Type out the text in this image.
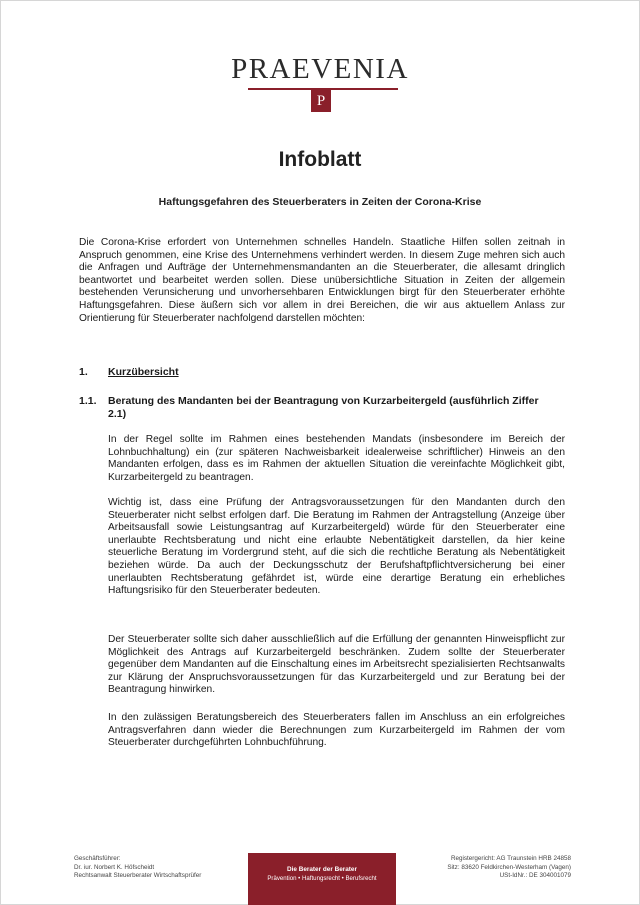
PRAEVENIA
P
Infoblatt
Haftungsgefahren des Steuerberaters in Zeiten der Corona-Krise

Die Corona-Krise erfordert von Unternehmen schnelles Handeln. Staatliche Hilfen sollen zeitnah in Anspruch genommen, eine Krise des Unternehmens verhindert werden. In diesem Zuge mehren sich auch die Anfragen und Aufträge der Unternehmensmandanten an die Steuerberater, die allesamt dringlich beantwortet und bearbeitet werden sollen. Diese unübersichtliche Situation in Zeiten der allgemein bestehenden Verunsicherung und unvorhersehbaren Entwicklungen birgt für den Steuerberater erhöhte Haftungsgefahren. Diese äußern sich vor allem in drei Bereichen, die wir aus aktuellem Anlass zur Orientierung für Steuerberater nachfolgend darstellen möchten:

1. Kurzübersicht
1.1. Beratung des Mandanten bei der Beantragung von Kurzarbeitergeld (ausführlich Ziffer 2.1)

In der Regel sollte im Rahmen eines bestehenden Mandats (insbesondere im Bereich der Lohnbuchhaltung) ein (zur späteren Nachweisbarkeit idealerweise schriftlicher) Hinweis an den Mandanten erfolgen, dass es im Rahmen der aktuellen Situation die vereinfachte Möglichkeit gibt, Kurzarbeitergeld zu beantragen.

Wichtig ist, dass eine Prüfung der Antragsvoraussetzungen für den Mandanten durch den Steuerberater nicht selbst erfolgen darf. Die Beratung im Rahmen der Antragstellung (Anzeige über Arbeitsausfall sowie Leistungsantrag auf Kurzarbeitergeld) würde für den Steuerberater eine unerlaubte Rechtsberatung und nicht eine erlaubte Nebentätigkeit darstellen, da hier keine steuerliche Beratung im Vordergrund steht, auf die sich die rechtliche Beratung als Nebentätigkeit beziehen würde. Da auch der Deckungsschutz der Berufshaftpflichtversicherung bei einer unerlaubten Rechtsberatung gefährdet ist, würde eine derartige Beratung ein erhebliches Haftungsrisiko für den Steuerberater bedeuten.

Der Steuerberater sollte sich daher ausschließlich auf die Erfüllung der genannten Hinweispflicht zur Möglichkeit des Antrags auf Kurzarbeitergeld beschränken. Zudem sollte der Steuerberater gegenüber dem Mandanten auf die Einschaltung eines im Arbeitsrecht spezialisierten Rechtsanwalts zur Klärung der Anspruchsvoraussetzungen für das Kurzarbeitergeld und zur Beratung bei der Beantragung hinwirken.

In den zulässigen Beratungsbereich des Steuerberaters fallen im Anschluss an ein erfolgreiches Antragsverfahren dann wieder die Berechnungen zum Kurzarbeitergeld im Rahmen der vom Steuerberater durchgeführten Lohnbuchführung.

Geschäftsführer:
Dr. iur. Norbert K. Höfscheidt
Rechtsanwalt Steuerberater Wirtschaftsprüfer
Die Berater der Berater
Prävention • Haftungsrecht • Berufsrecht
Registergericht: AG Traunstein HRB 24858
Sitz: 83620 Feldkirchen-Westerham (Vagen)
USt-IdNr.: DE 304001079
